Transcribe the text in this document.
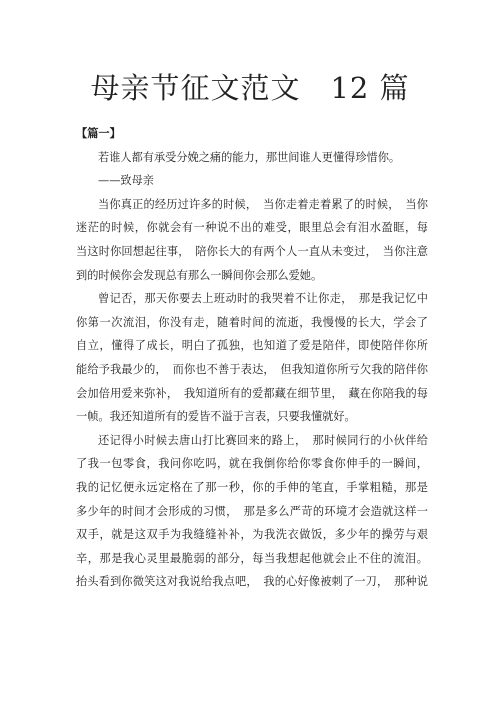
母亲节征文范文　12 篇
【篇一】
若谁人都有承受分娩之痛的能力，那世间谁人更懂得珍惜你。
——致母亲
当你真正的经历过许多的时候，　当你走着走着累了的时候，　当你
迷茫的时候，你就会有一种说不出的难受，眼里总会有泪水盈眶，每
当这时你回想起往事，　陪你长大的有两个人一直从未变过，　当你注意
到的时候你会发现总有那么一瞬间你会那么爱她。
曾记否，那天你要去上班动时的我哭着不让你走，　那是我记忆中
你第一次流泪，你没有走，随着时间的流逝，我慢慢的长大，学会了
自立，懂得了成长，明白了孤独，也知道了爱是陪伴，即使陪伴你所
能给予我最少的，　而你也不善于表达，　但我知道你所亏欠我的陪伴你
会加倍用爱来弥补，　我知道所有的爱都藏在细节里，　藏在你陪我的每
一帧。我还知道所有的爱皆不溢于言表，只要我懂就好。
还记得小时候去唐山打比赛回来的路上，　那时候同行的小伙伴给
了我一包零食，我问你吃吗，就在我倒你给你零食你伸手的一瞬间，
我的记忆便永远定格在了那一秒，你的手伸的笔直，手掌粗糙，那是
多少年的时间才会形成的习惯，　那是多么严苛的环境才会造就这样一
双手，就是这双手为我缝缝补补，为我洗衣做饭，多少年的操劳与艰
辛，那是我心灵里最脆弱的部分，每当我想起他就会止不住的流泪。
抬头看到你微笑这对我说给我点吧，　我的心好像被刺了一刀，　那种说
